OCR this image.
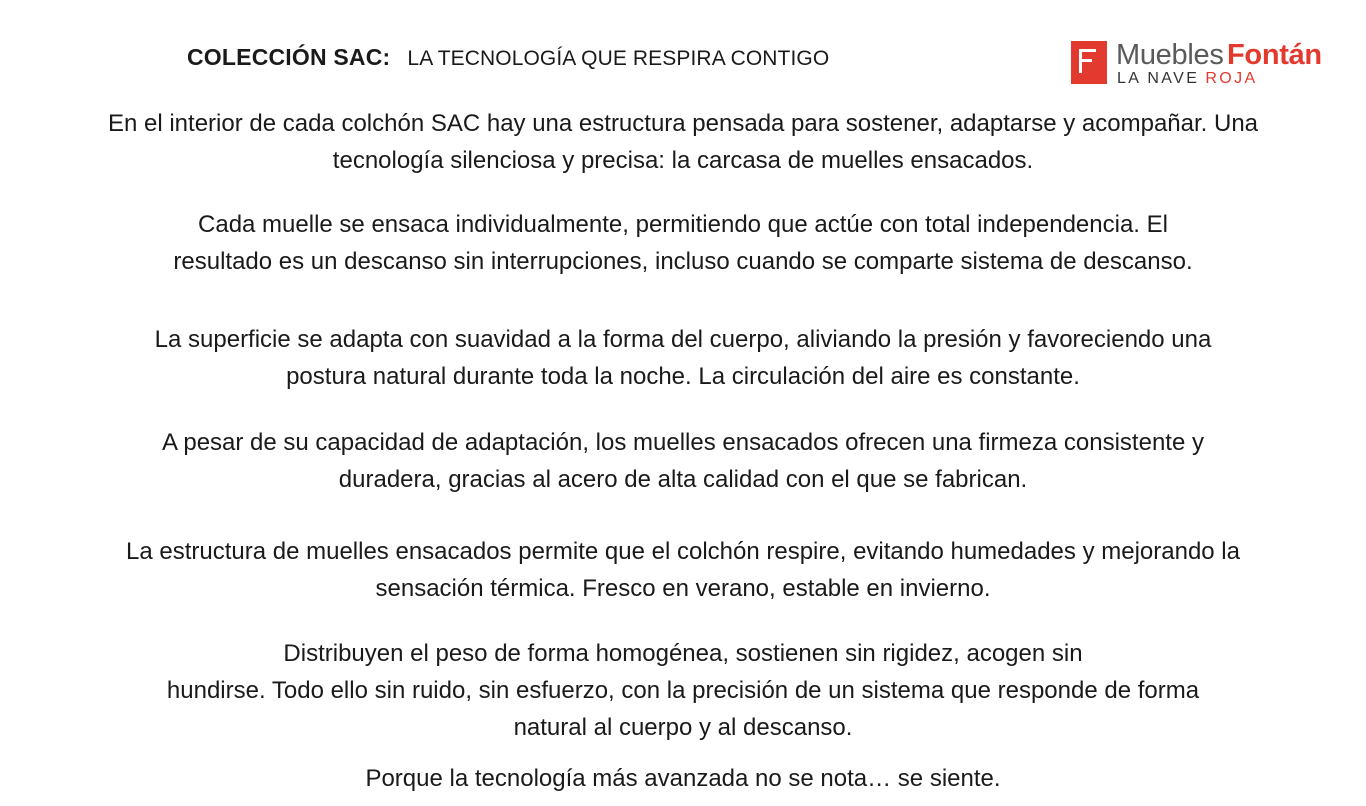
COLECCIÓN SAC: LA TECNOLOGÍA QUE RESPIRA CONTIGO	Muebles Fontán
LA NAVE ROJA
En el interior de cada colchón SAC hay una estructura pensada para sostener, adaptarse y acompañar. Una
tecnología silenciosa y precisa: la carcasa de muelles ensacados.
Cada muelle se ensaca individualmente, permitiendo que actúe con total independencia. El
resultado es un descanso sin interrupciones, incluso cuando se comparte sistema de descanso.
La superficie se adapta con suavidad a la forma del cuerpo, aliviando la presión y favoreciendo una
postura natural durante toda la noche. La circulación del aire es constante.
A pesar de su capacidad de adaptación, los muelles ensacados ofrecen una firmeza consistente y
duradera, gracias al acero de alta calidad con el que se fabrican.
La estructura de muelles ensacados permite que el colchón respire, evitando humedades y mejorando la
sensación térmica. Fresco en verano, estable en invierno.
Distribuyen el peso de forma homogénea, sostienen sin rigidez, acogen sin
hundirse. Todo ello sin ruido, sin esfuerzo, con la precisión de un sistema que responde de forma
natural al cuerpo y al descanso.
Porque la tecnología más avanzada no se nota… se siente.
